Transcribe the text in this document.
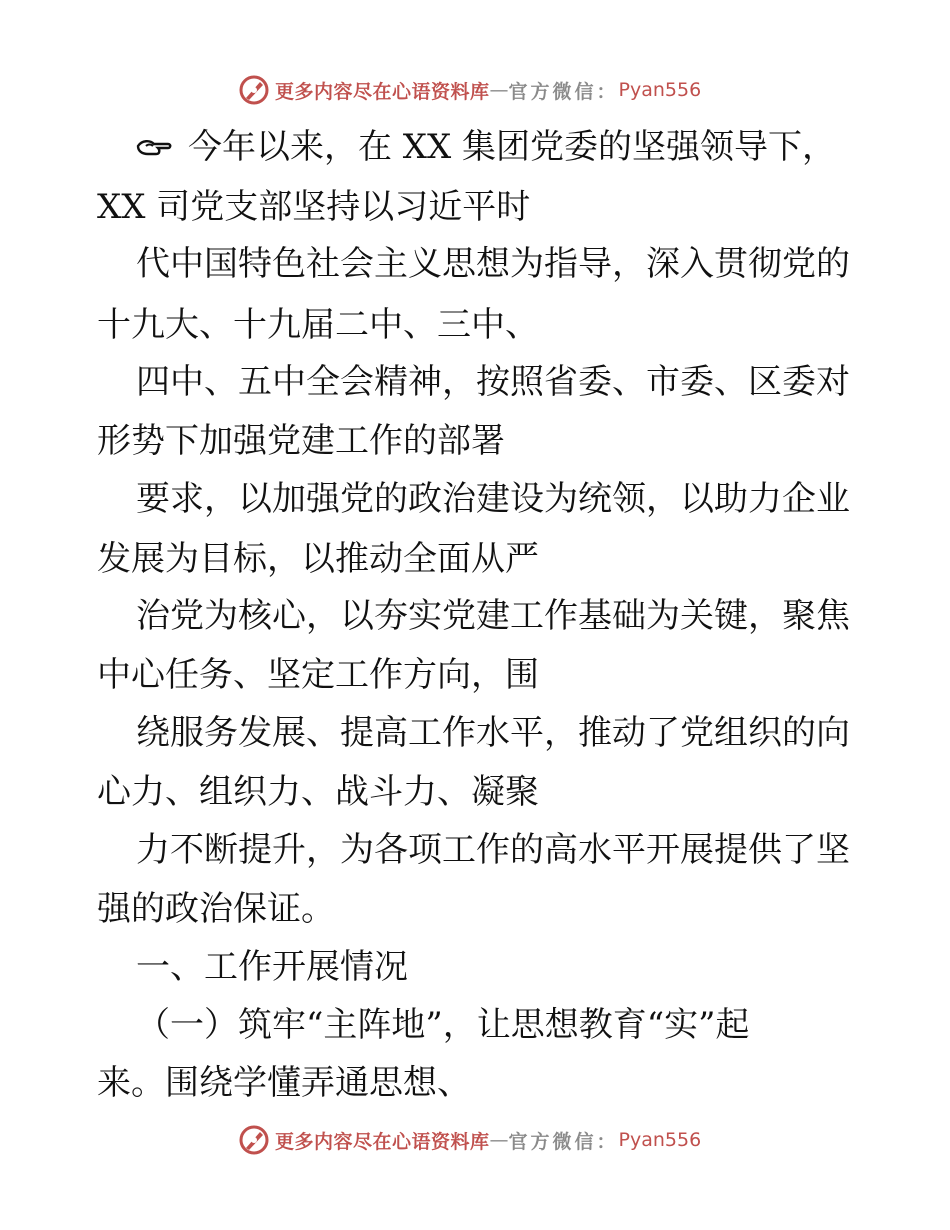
更多内容尽在心语资料库 — 官方微信： Pyan556
今年以来，在 XX 集团党委的坚强领导下，
XX 司党支部坚持以习近平时
代中国特色社会主义思想为指导，深入贯彻党的
十九大、十九届二中、三中、
四中、五中全会精神，按照省委、市委、区委对
形势下加强党建工作的部署
要求，以加强党的政治建设为统领，以助力企业
发展为目标，以推动全面从严
治党为核心，以夯实党建工作基础为关键，聚焦
中心任务、坚定工作方向，围
绕服务发展、提高工作水平，推动了党组织的向
心力、组织力、战斗力、凝聚
力不断提升，为各项工作的高水平开展提供了坚
强的政治保证。
一、工作开展情况
（一）筑牢“主阵地”，让思想教育“实”起
来。围绕学懂弄通思想、
更多内容尽在心语资料库 — 官方微信： Pyan556
